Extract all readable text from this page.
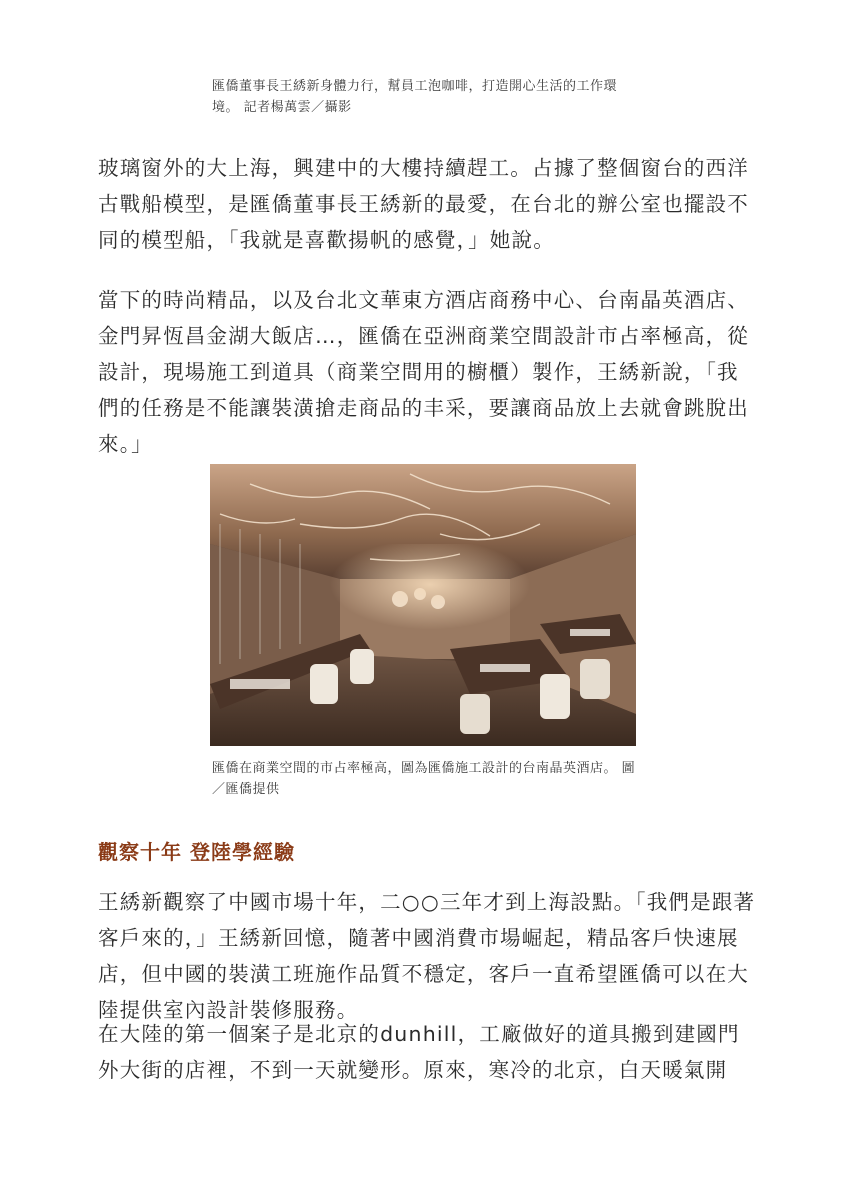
匯僑董事長王綉新身體力行，幫員工泡咖啡，打造開心生活的工作環境。 記者楊萬雲／攝影

玻璃窗外的大上海，興建中的大樓持續趕工。占據了整個窗台的西洋古戰船模型，是匯僑董事長王綉新的最愛，在台北的辦公室也擺設不同的模型船，「我就是喜歡揚帆的感覺，」她說。

當下的時尚精品，以及台北文華東方酒店商務中心、台南晶英酒店、金門昇恆昌金湖大飯店…，匯僑在亞洲商業空間設計市占率極高，從設計，現場施工到道具（商業空間用的櫥櫃）製作，王綉新說，「我們的任務是不能讓裝潢搶走商品的丰采，要讓商品放上去就會跳脫出來。」

匯僑在商業空間的市占率極高，圖為匯僑施工設計的台南晶英酒店。 圖／匯僑提供
觀察十年 登陸學經驗

王綉新觀察了中國市場十年，二○○三年才到上海設點。「我們是跟著客戶來的，」王綉新回憶，隨著中國消費市場崛起，精品客戶快速展店，但中國的裝潢工班施作品質不穩定，客戶一直希望匯僑可以在大陸提供室內設計裝修服務。

在大陸的第一個案子是北京的dunhill，工廠做好的道具搬到建國門外大街的店裡，不到一天就變形。原來，寒冷的北京，白天暖氣開
